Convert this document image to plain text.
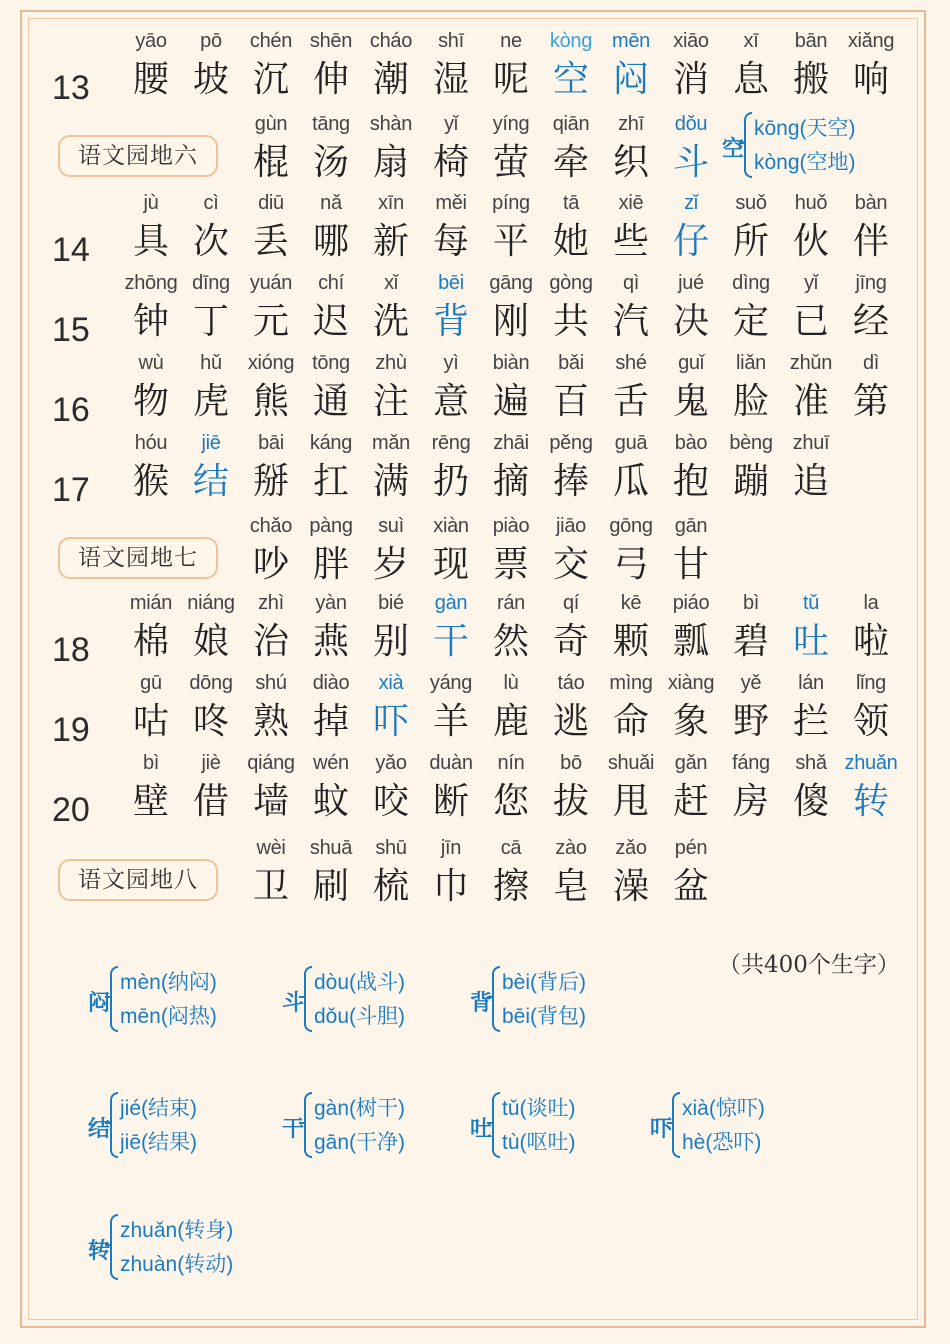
13
yāo
腰
pō
坡
chén
沉
shēn
伸
cháo
潮
shī
湿
ne
呢
kòng
空
mēn
闷
xiāo
消
xī
息
bān
搬
xiǎng
响
语文园地六
gùn
棍
tāng
汤
shàn
扇
yǐ
椅
yíng
萤
qiān
牵
zhī
织
dǒu
斗
14
jù
具
cì
次
diū
丢
nǎ
哪
xīn
新
měi
每
píng
平
tā
她
xiē
些
zǐ
仔
suǒ
所
huǒ
伙
bàn
伴
15
zhōng
钟
dīng
丁
yuán
元
chí
迟
xǐ
洗
bēi
背
gāng
刚
gòng
共
qì
汽
jué
决
dìng
定
yǐ
已
jīng
经
16
wù
物
hǔ
虎
xióng
熊
tōng
通
zhù
注
yì
意
biàn
遍
bǎi
百
shé
舌
guǐ
鬼
liǎn
脸
zhǔn
准
dì
第
17
hóu
猴
jiē
结
bāi
掰
káng
扛
mǎn
满
rēng
扔
zhāi
摘
pěng
捧
guā
瓜
bào
抱
bèng
蹦
zhuī
追
语文园地七
chǎo
吵
pàng
胖
suì
岁
xiàn
现
piào
票
jiāo
交
gōng
弓
gān
甘
18
mián
棉
niáng
娘
zhì
治
yàn
燕
bié
别
gàn
干
rán
然
qí
奇
kē
颗
piáo
瓢
bì
碧
tǔ
吐
la
啦
19
gū
咕
dōng
咚
shú
熟
diào
掉
xià
吓
yáng
羊
lù
鹿
táo
逃
mìng
命
xiàng
象
yě
野
lán
拦
lǐng
领
20
bì
壁
jiè
借
qiáng
墙
wén
蚊
yǎo
咬
duàn
断
nín
您
bō
拔
shuǎi
甩
gǎn
赶
fáng
房
shǎ
傻
zhuǎn
转
语文园地八
wèi
卫
shuā
刷
shū
梳
jīn
巾
cā
擦
zào
皂
zǎo
澡
pén
盆
空
kōng(天空)
kòng(空地)
闷
mèn(纳闷)
mēn(闷热)
斗
dòu(战斗)
dǒu(斗胆)
背
bèi(背后)
bēi(背包)
结
jié(结束)
jiē(结果)
干
gàn(树干)
gān(干净)
吐
tǔ(谈吐)
tù(呕吐)
吓
xià(惊吓)
hè(恐吓)
转
zhuǎn(转身)
zhuàn(转动)
（共400个生字）
